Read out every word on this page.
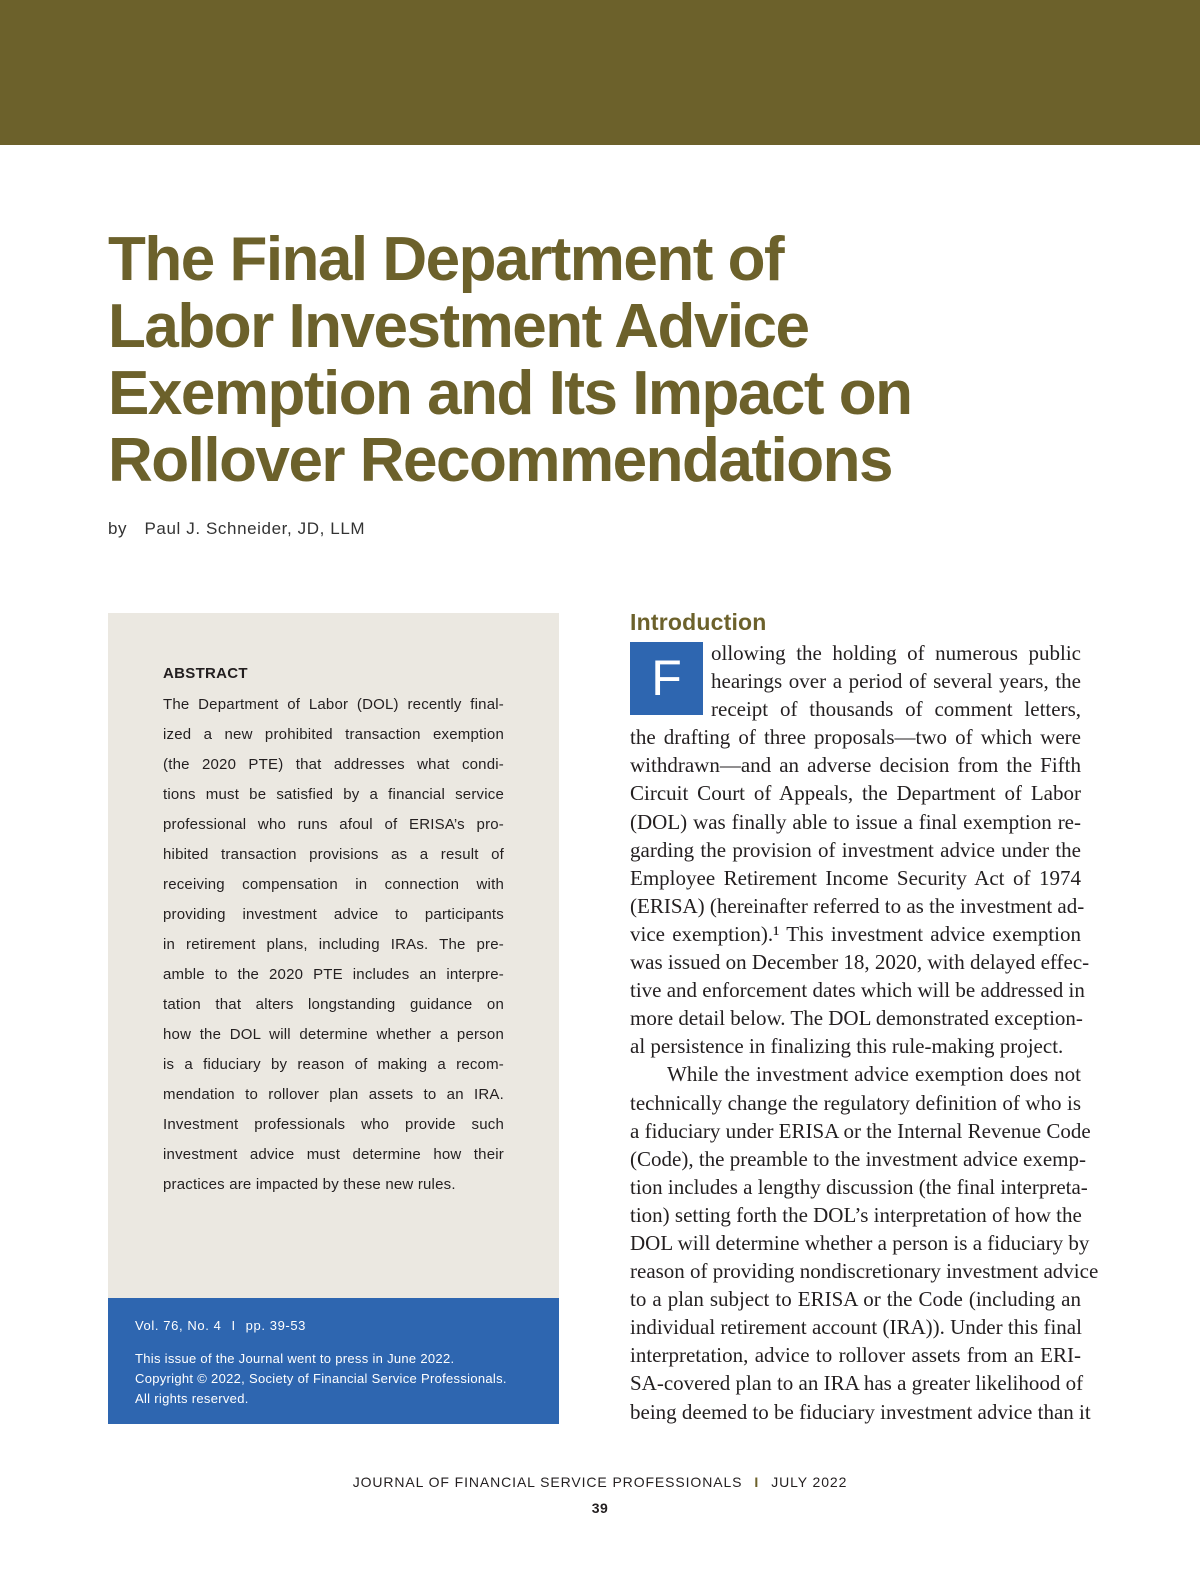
The Final Department of
Labor Investment Advice
Exemption and Its Impact on
Rollover Recommendations
by Paul J. Schneider, JD, LLM
ABSTRACT
The Department of Labor (DOL) recently final-
ized a new prohibited transaction exemption
(the 2020 PTE) that addresses what condi-
tions must be satisfied by a financial service
professional who runs afoul of ERISA’s pro-
hibited transaction provisions as a result of
receiving compensation in connection with
providing investment advice to participants
in retirement plans, including IRAs. The pre-
amble to the 2020 PTE includes an interpre-
tation that alters longstanding guidance on
how the DOL will determine whether a person
is a fiduciary by reason of making a recom-
mendation to rollover plan assets to an IRA.
Investment professionals who provide such
investment advice must determine how their
practices are impacted by these new rules.
Vol. 76, No. 4 I pp. 39-53
This issue of the Journal went to press in June 2022.
Copyright © 2022, Society of Financial Service Professionals.
All rights reserved.
Introduction
F	ollowing the holding of numerous public
hearings over a period of several years, the
receipt of thousands of comment letters,
the drafting of three proposals—two of which were
withdrawn—and an adverse decision from the Fifth
Circuit Court of Appeals, the Department of Labor
(DOL) was finally able to issue a final exemption re-
garding the provision of investment advice under the
Employee Retirement Income Security Act of 1974
(ERISA) (hereinafter referred to as the investment ad-
vice exemption).¹ This investment advice exemption
was issued on December 18, 2020, with delayed effec-
tive and enforcement dates which will be addressed in
more detail below. The DOL demonstrated exception-
al persistence in finalizing this rule-making project.
While the investment advice exemption does not
technically change the regulatory definition of who is
a fiduciary under ERISA or the Internal Revenue Code
(Code), the preamble to the investment advice exemp-
tion includes a lengthy discussion (the final interpreta-
tion) setting forth the DOL’s interpretation of how the
DOL will determine whether a person is a fiduciary by
reason of providing nondiscretionary investment advice
to a plan subject to ERISA or the Code (including an
individual retirement account (IRA)). Under this final
interpretation, advice to rollover assets from an ERI-
SA-covered plan to an IRA has a greater likelihood of
being deemed to be fiduciary investment advice than it
JOURNAL OF FINANCIAL SERVICE PROFESSIONALS I JULY 2022
39
